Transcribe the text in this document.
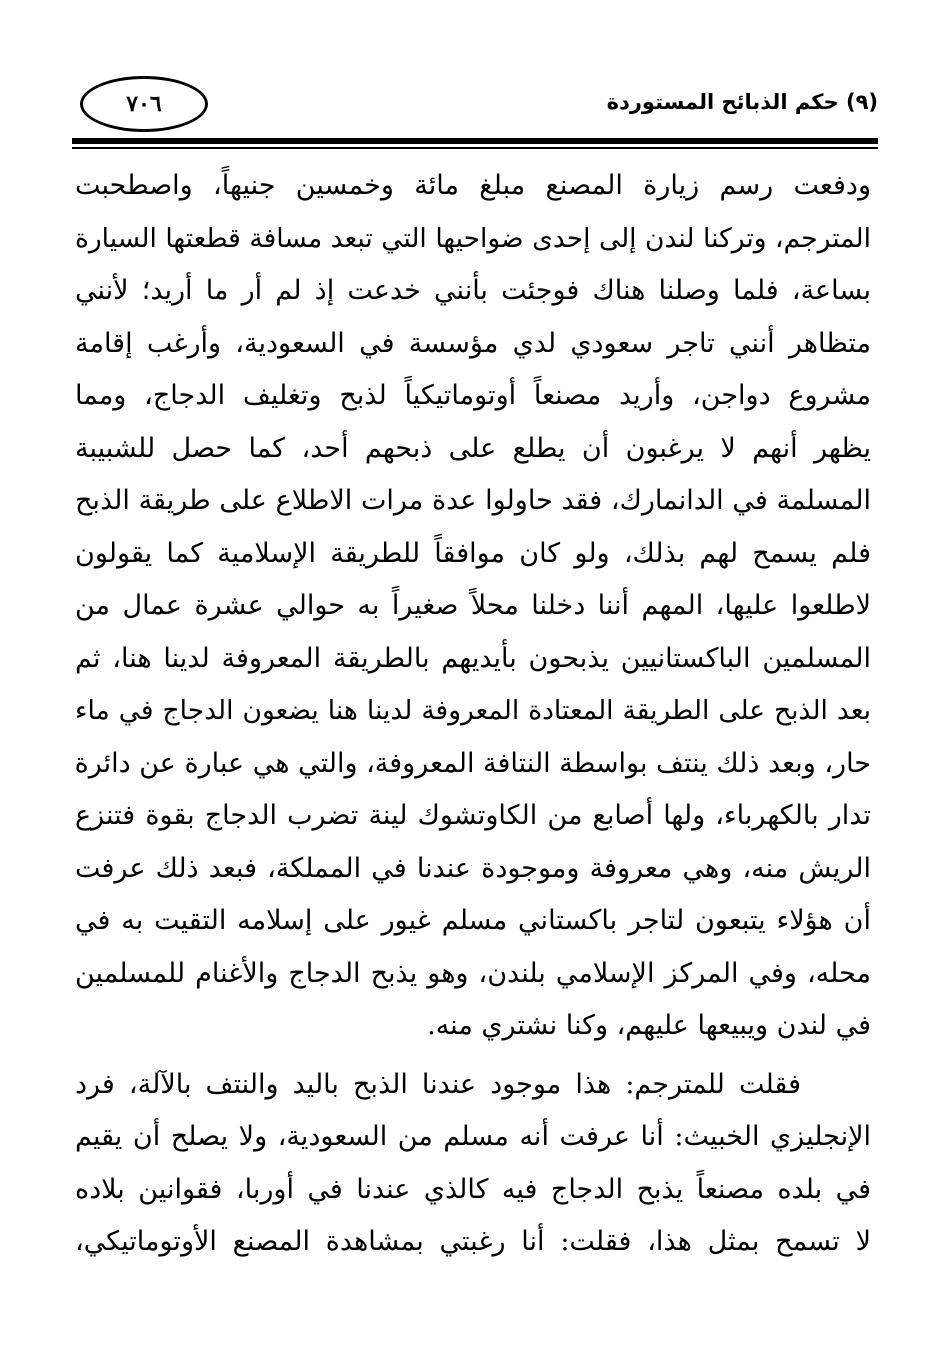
٧٠٦	(٩) حكم الذبائح المستوردة
ودفعت رسم زيارة المصنع مبلغ مائة وخمسين جنيهاً، واصطحبت
المترجم، وتركنا لندن إلى إحدى ضواحيها التي تبعد مسافة قطعتها السيارة
بساعة، فلما وصلنا هناك فوجئت بأنني خدعت إذ لم أر ما أريد؛ لأنني
متظاهر أنني تاجر سعودي لدي مؤسسة في السعودية، وأرغب إقامة
مشروع دواجن، وأريد مصنعاً أوتوماتيكياً لذبح وتغليف الدجاج، ومما
يظهر أنهم لا يرغبون أن يطلع على ذبحهم أحد، كما حصل للشبيبة
المسلمة في الدانمارك، فقد حاولوا عدة مرات الاطلاع على طريقة الذبح
فلم يسمح لهم بذلك، ولو كان موافقاً للطريقة الإسلامية كما يقولون
لاطلعوا عليها، المهم أننا دخلنا محلاً صغيراً به حوالي عشرة عمال من
المسلمين الباكستانيين يذبحون بأيديهم بالطريقة المعروفة لدينا هنا، ثم
بعد الذبح على الطريقة المعتادة المعروفة لدينا هنا يضعون الدجاج في ماء
حار، وبعد ذلك ينتف بواسطة النتافة المعروفة، والتي هي عبارة عن دائرة
تدار بالكهرباء، ولها أصابع من الكاوتشوك لينة تضرب الدجاج بقوة فتنزع
الريش منه، وهي معروفة وموجودة عندنا في المملكة، فبعد ذلك عرفت
أن هؤلاء يتبعون لتاجر باكستاني مسلم غيور على إسلامه التقيت به في
محله، وفي المركز الإسلامي بلندن، وهو يذبح الدجاج والأغنام للمسلمين
في لندن ويبيعها عليهم، وكنا نشتري منه.
فقلت للمترجم: هذا موجود عندنا الذبح باليد والنتف بالآلة، فرد
الإنجليزي الخبيث: أنا عرفت أنه مسلم من السعودية، ولا يصلح أن يقيم
في بلده مصنعاً يذبح الدجاج فيه كالذي عندنا في أوربا، فقوانين بلاده
لا تسمح بمثل هذا، فقلت: أنا رغبتي بمشاهدة المصنع الأوتوماتيكي،
